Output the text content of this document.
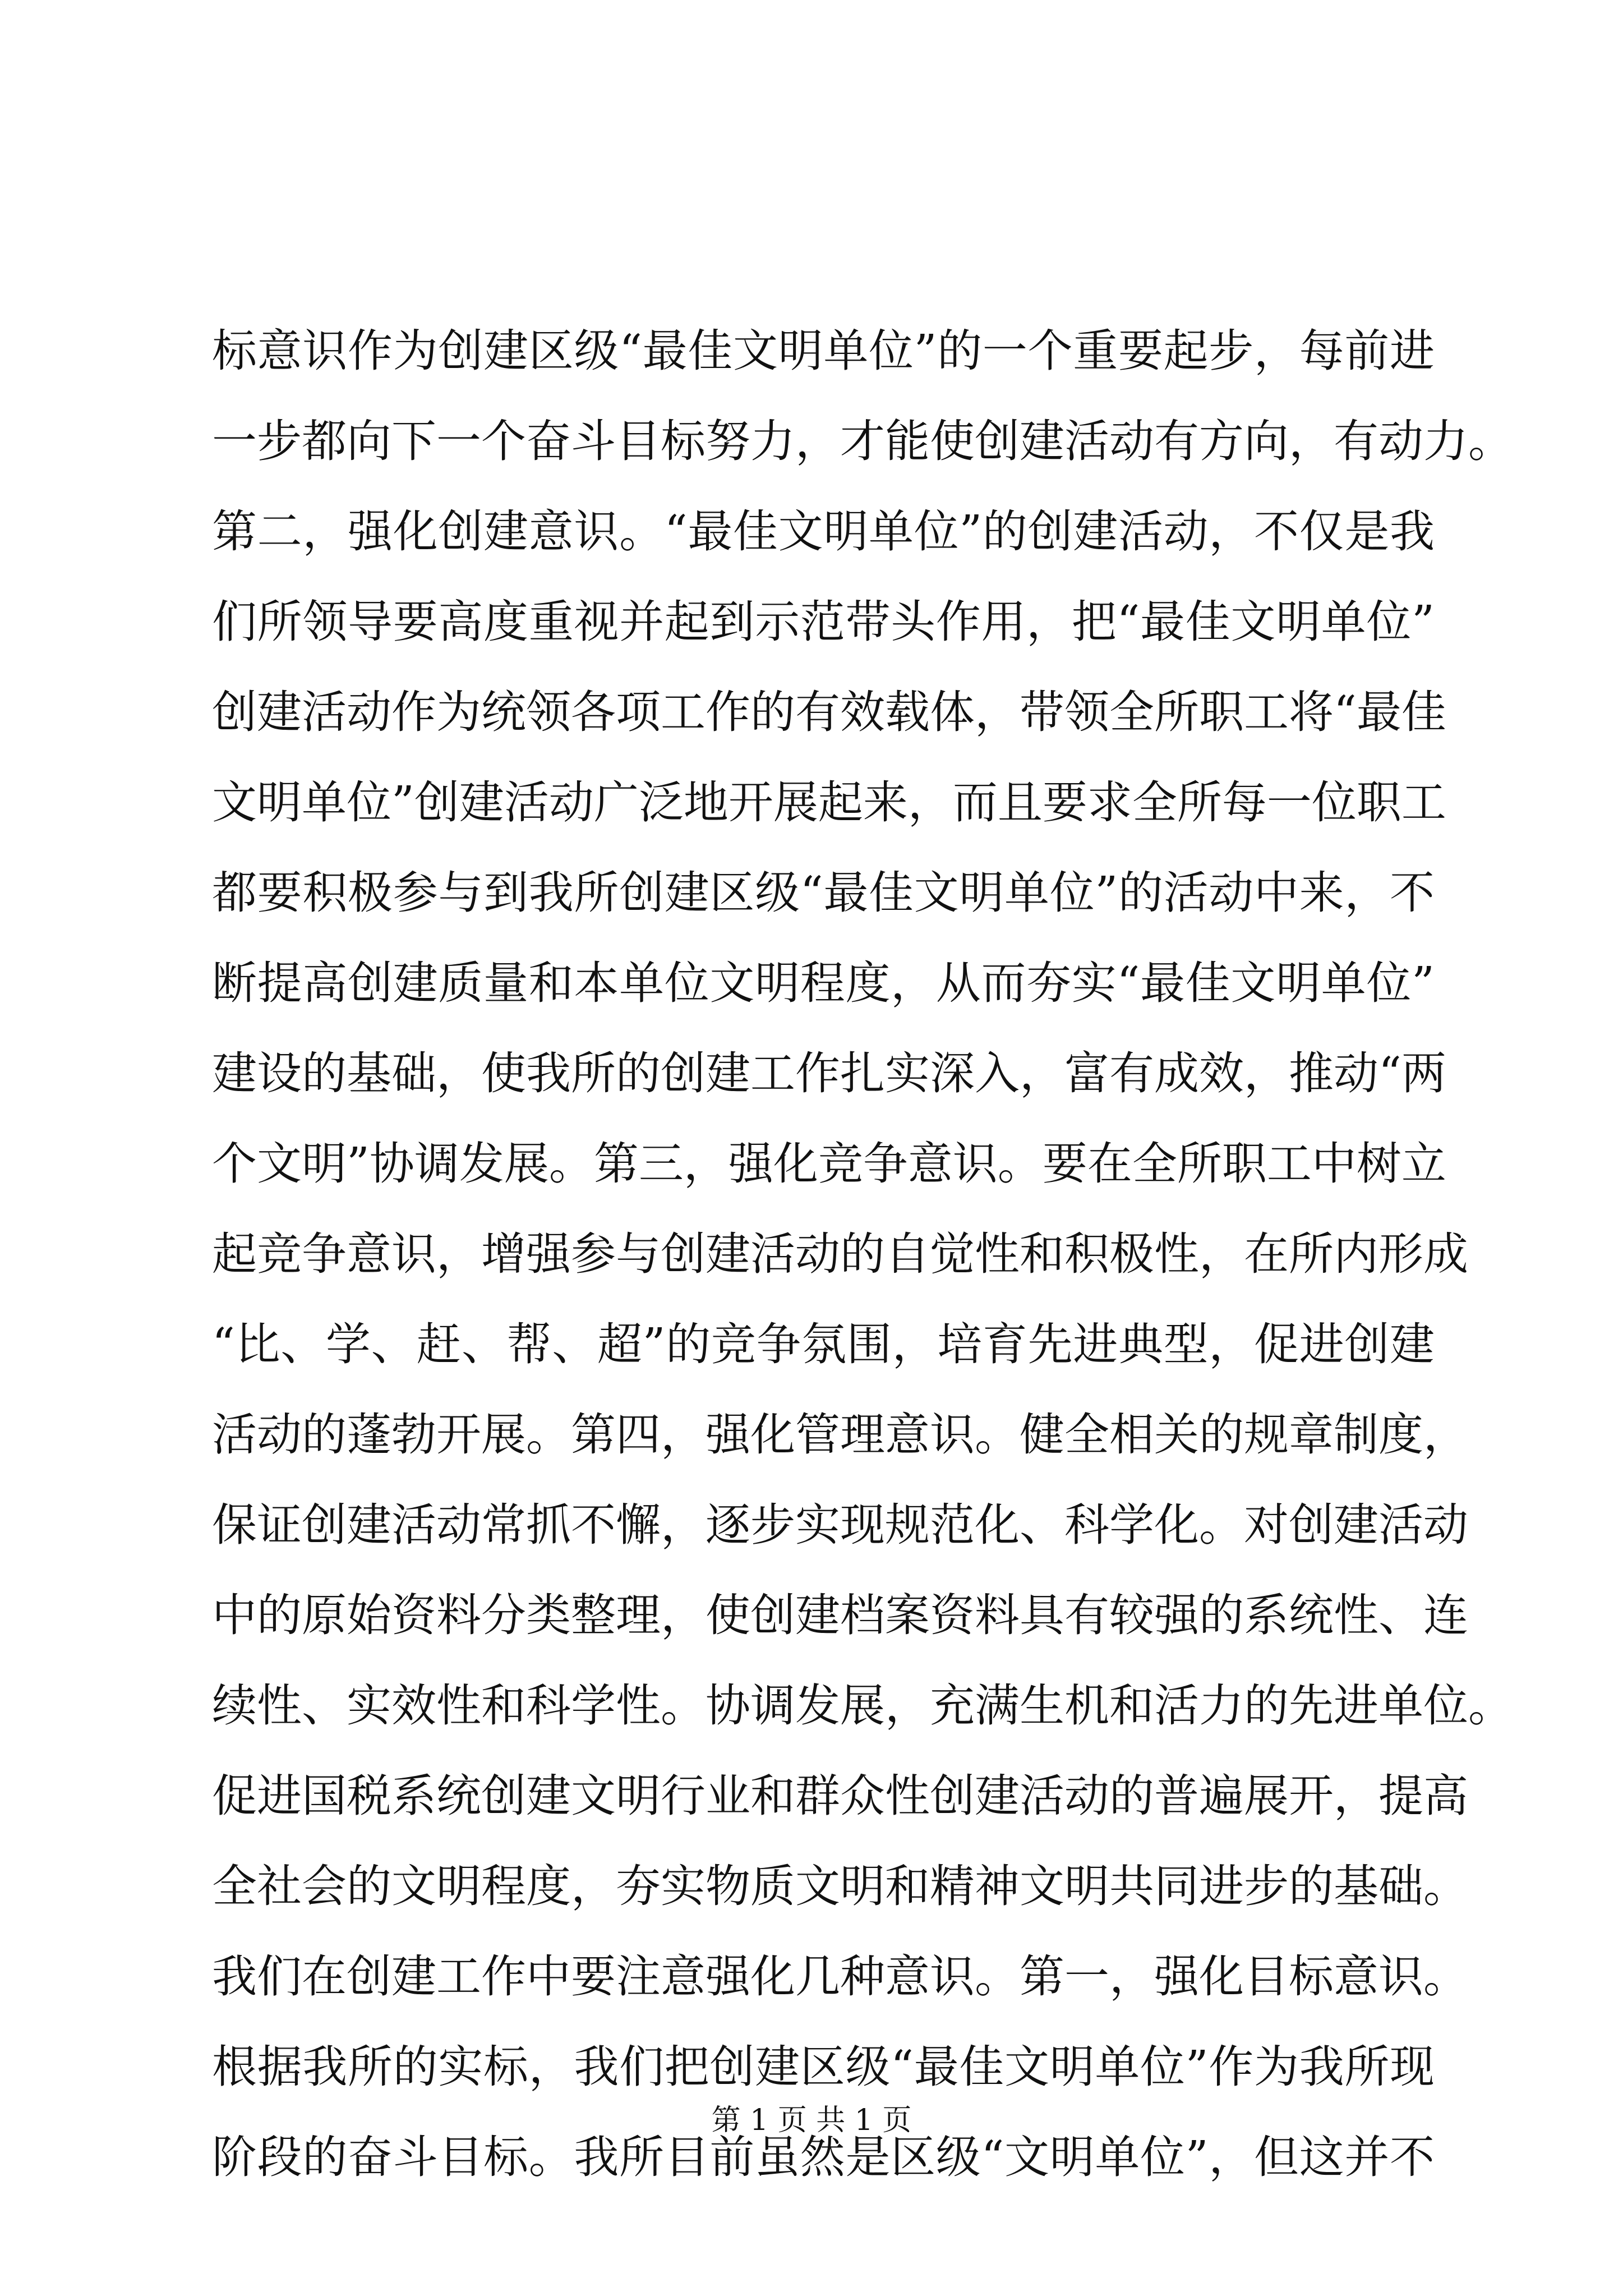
标意识作为创建区级“最佳文明单位”的一个重要起步，每前进
一步都向下一个奋斗目标努力，才能使创建活动有方向，有动力。
第二，强化创建意识。“最佳文明单位”的创建活动，不仅是我
们所领导要高度重视并起到示范带头作用，把“最佳文明单位”
创建活动作为统领各项工作的有效载体，带领全所职工将“最佳
文明单位”创建活动广泛地开展起来，而且要求全所每一位职工
都要积极参与到我所创建区级“最佳文明单位”的活动中来，不
断提高创建质量和本单位文明程度，从而夯实“最佳文明单位”
建设的基础，使我所的创建工作扎实深入，富有成效，推动“两
个文明”协调发展。第三，强化竞争意识。要在全所职工中树立
起竞争意识，增强参与创建活动的自觉性和积极性，在所内形成
“比、学、赶、帮、超”的竞争氛围，培育先进典型，促进创建
活动的蓬勃开展。第四，强化管理意识。健全相关的规章制度，
保证创建活动常抓不懈，逐步实现规范化、科学化。对创建活动
中的原始资料分类整理，使创建档案资料具有较强的系统性、连
续性、实效性和科学性。协调发展，充满生机和活力的先进单位。
促进国税系统创建文明行业和群众性创建活动的普遍展开，提高
全社会的文明程度，夯实物质文明和精神文明共同进步的基础。
我们在创建工作中要注意强化几种意识。第一，强化目标意识。
根据我所的实标，我们把创建区级“最佳文明单位”作为我所现
阶段的奋斗目标。我所目前虽然是区级“文明单位”，但这并不
第 1 页 共 1 页
